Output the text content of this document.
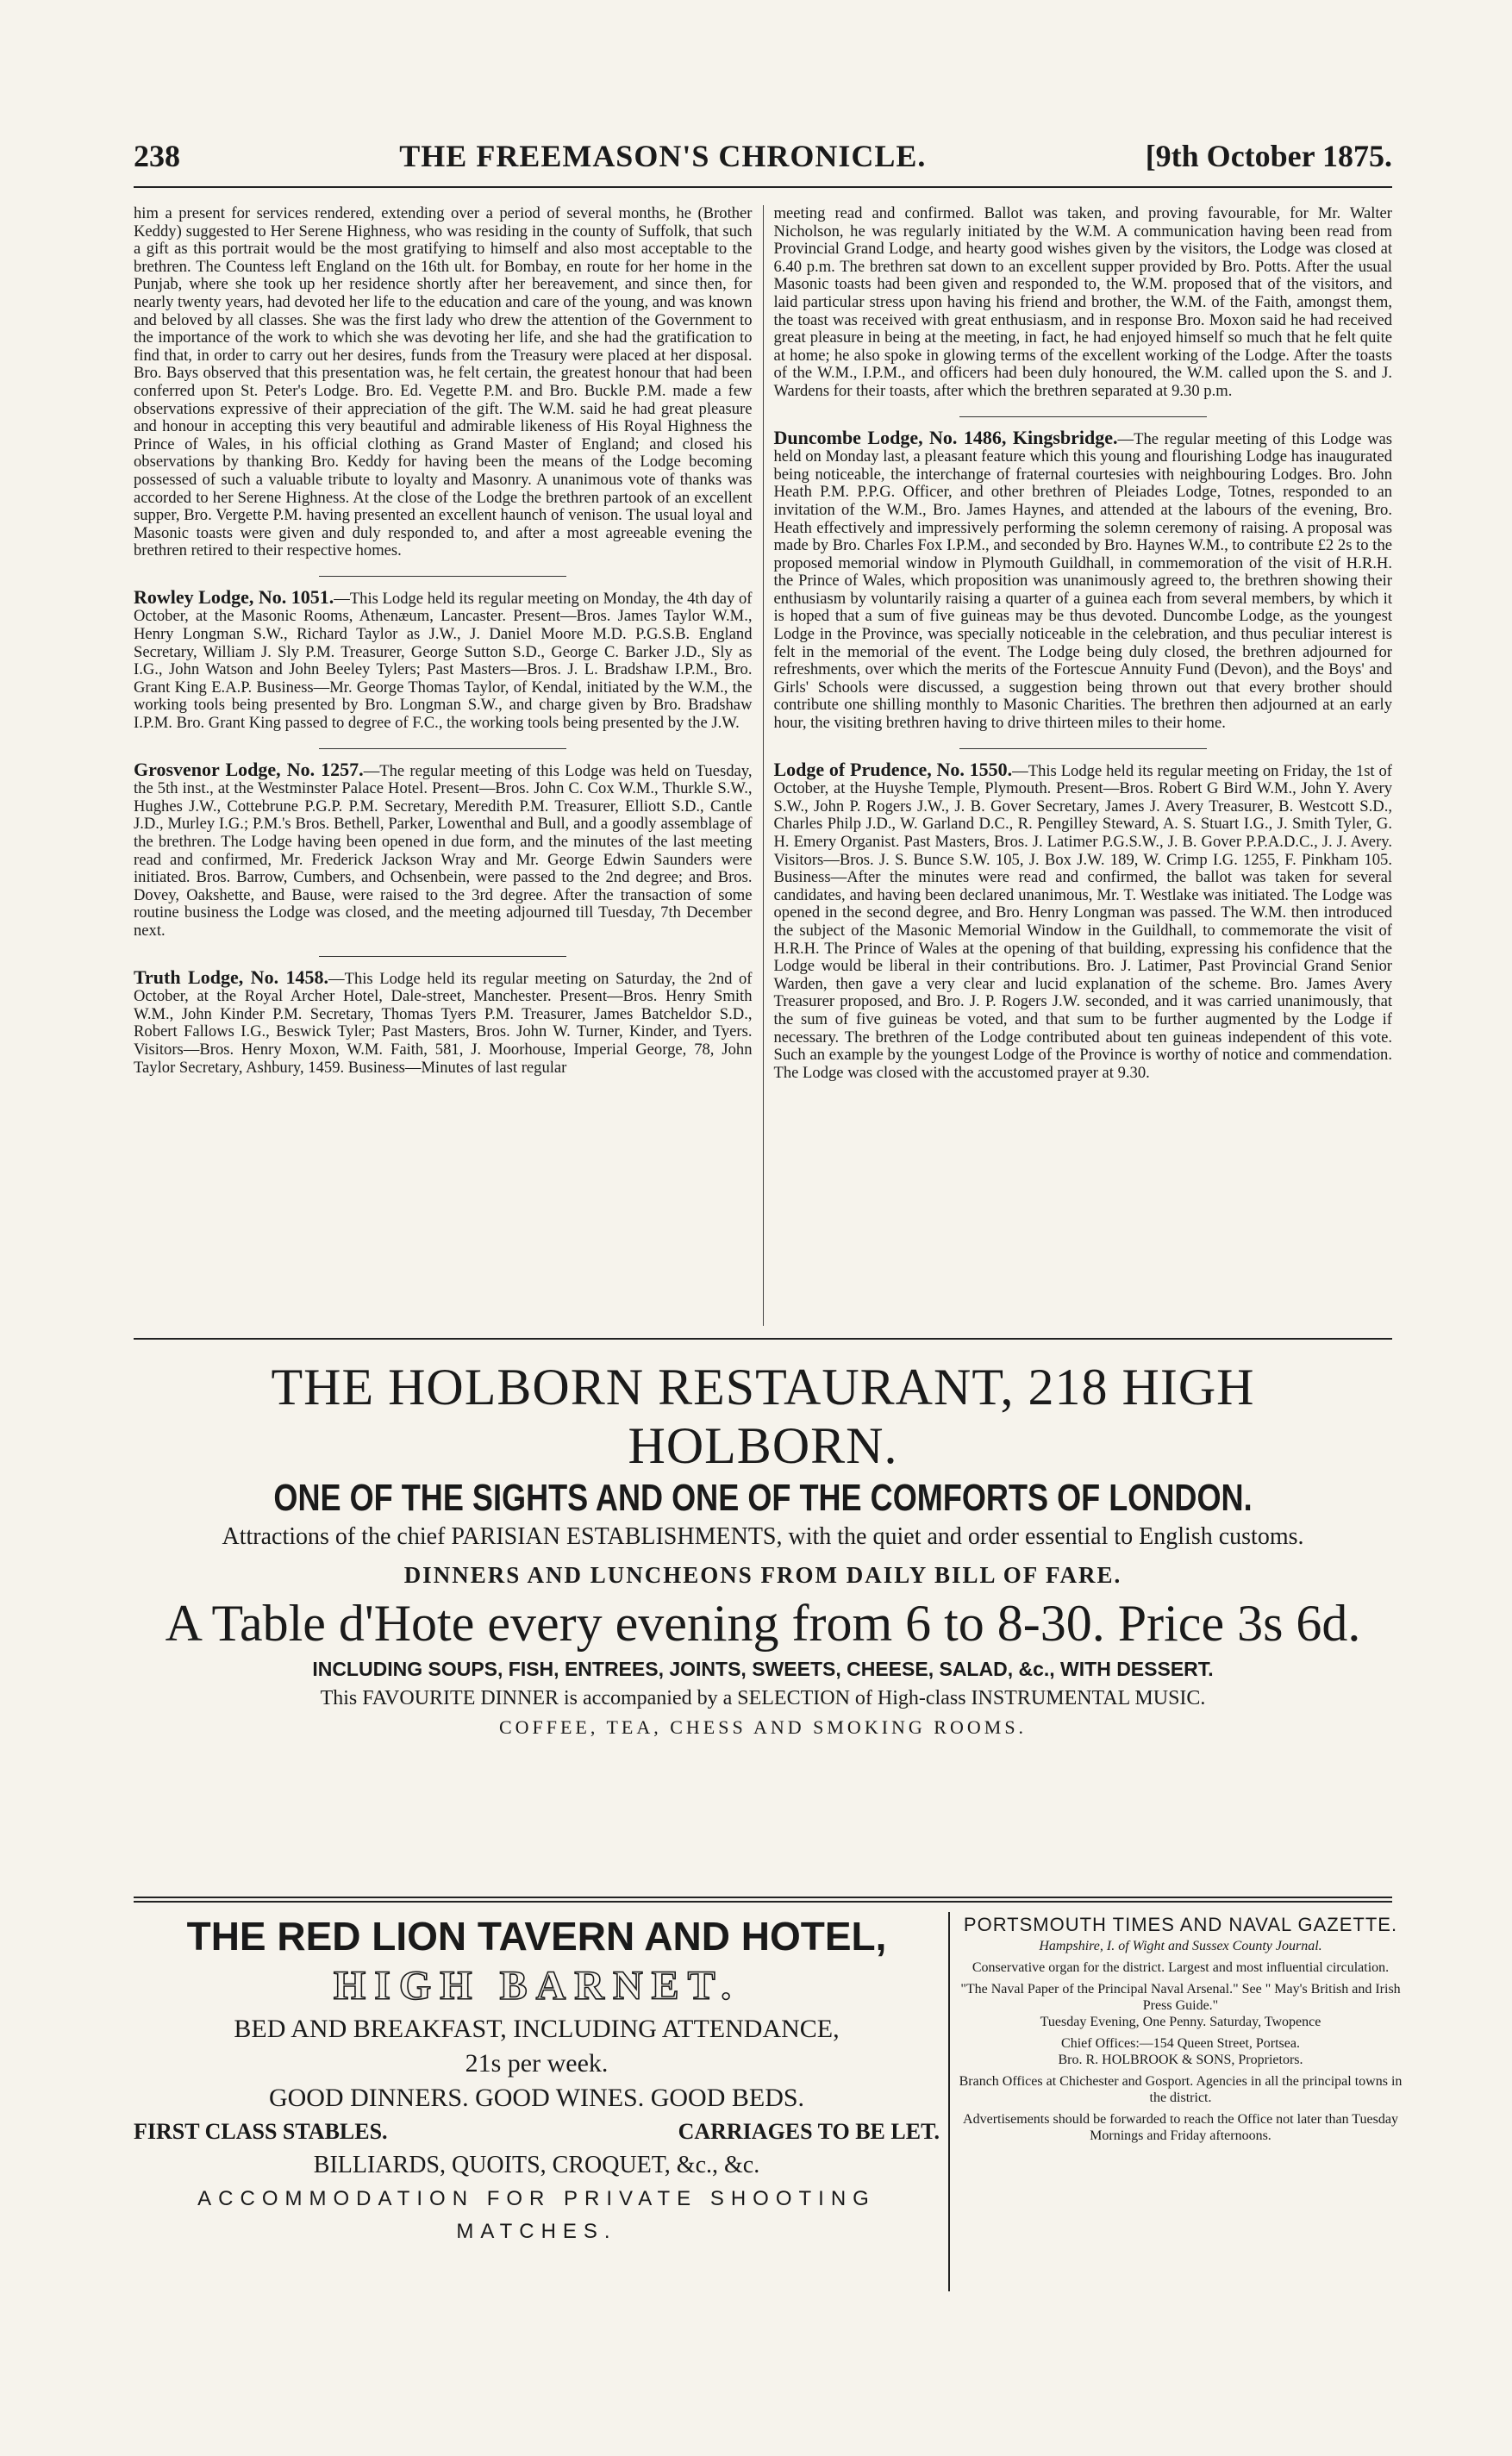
238	THE FREEMASON'S CHRONICLE.	[9th October 1875.

him a present for services rendered, extending over a period of several months, he (Brother Keddy) suggested to Her Serene Highness, who was residing in the county of Suffolk, that such a gift as this portrait would be the most gratifying to himself and also most acceptable to the brethren. The Countess left England on the 16th ult. for Bombay, en route for her home in the Punjab, where she took up her residence shortly after her bereavement, and since then, for nearly twenty years, had devoted her life to the education and care of the young, and was known and beloved by all classes. She was the first lady who drew the attention of the Government to the importance of the work to which she was devoting her life, and she had the gratification to find that, in order to carry out her desires, funds from the Treasury were placed at her disposal. Bro. Bays observed that this presentation was, he felt certain, the greatest honour that had been conferred upon St. Peter's Lodge. Bro. Ed. Vegette P.M. and Bro. Buckle P.M. made a few observations expressive of their appreciation of the gift. The W.M. said he had great pleasure and honour in accepting this very beautiful and admirable likeness of His Royal Highness the Prince of Wales, in his official clothing as Grand Master of England; and closed his observations by thanking Bro. Keddy for having been the means of the Lodge becoming possessed of such a valuable tribute to loyalty and Masonry. A unanimous vote of thanks was accorded to her Serene Highness. At the close of the Lodge the brethren partook of an excellent supper, Bro. Vergette P.M. having presented an excellent haunch of venison. The usual loyal and Masonic toasts were given and duly responded to, and after a most agreeable evening the brethren retired to their respective homes.

Rowley Lodge, No. 1051.—This Lodge held its regular meeting on Monday, the 4th day of October, at the Masonic Rooms, Athenæum, Lancaster. Present—Bros. James Taylor W.M., Henry Longman S.W., Richard Taylor as J.W., J. Daniel Moore M.D. P.G.S.B. England Secretary, William J. Sly P.M. Treasurer, George Sutton S.D., George C. Barker J.D., Sly as I.G., John Watson and John Beeley Tylers; Past Masters—Bros. J. L. Bradshaw I.P.M., Bro. Grant King E.A.P. Business—Mr. George Thomas Taylor, of Kendal, initiated by the W.M., the working tools being presented by Bro. Longman S.W., and charge given by Bro. Bradshaw I.P.M. Bro. Grant King passed to degree of F.C., the working tools being presented by the J.W.

Grosvenor Lodge, No. 1257.—The regular meeting of this Lodge was held on Tuesday, the 5th inst., at the Westminster Palace Hotel. Present—Bros. John C. Cox W.M., Thurkle S.W., Hughes J.W., Cottebrune P.G.P. P.M. Secretary, Meredith P.M. Treasurer, Elliott S.D., Cantle J.D., Murley I.G.; P.M.'s Bros. Bethell, Parker, Lowenthal and Bull, and a goodly assemblage of the brethren. The Lodge having been opened in due form, and the minutes of the last meeting read and confirmed, Mr. Frederick Jackson Wray and Mr. George Edwin Saunders were initiated. Bros. Barrow, Cumbers, and Ochsenbein, were passed to the 2nd degree; and Bros. Dovey, Oakshette, and Bause, were raised to the 3rd degree. After the transaction of some routine business the Lodge was closed, and the meeting adjourned till Tuesday, 7th December next.

Truth Lodge, No. 1458.—This Lodge held its regular meeting on Saturday, the 2nd of October, at the Royal Archer Hotel, Dale-street, Manchester. Present—Bros. Henry Smith W.M., John Kinder P.M. Secretary, Thomas Tyers P.M. Treasurer, James Batcheldor S.D., Robert Fallows I.G., Beswick Tyler; Past Masters, Bros. John W. Turner, Kinder, and Tyers. Visitors—Bros. Henry Moxon, W.M. Faith, 581, J. Moorhouse, Imperial George, 78, John Taylor Secretary, Ashbury, 1459. Business—Minutes of last regular

meeting read and confirmed. Ballot was taken, and proving favourable, for Mr. Walter Nicholson, he was regularly initiated by the W.M. A communication having been read from Provincial Grand Lodge, and hearty good wishes given by the visitors, the Lodge was closed at 6.40 p.m. The brethren sat down to an excellent supper provided by Bro. Potts. After the usual Masonic toasts had been given and responded to, the W.M. proposed that of the visitors, and laid particular stress upon having his friend and brother, the W.M. of the Faith, amongst them, the toast was received with great enthusiasm, and in response Bro. Moxon said he had received great pleasure in being at the meeting, in fact, he had enjoyed himself so much that he felt quite at home; he also spoke in glowing terms of the excellent working of the Lodge. After the toasts of the W.M., I.P.M., and officers had been duly honoured, the W.M. called upon the S. and J. Wardens for their toasts, after which the brethren separated at 9.30 p.m.

Duncombe Lodge, No. 1486, Kingsbridge.—The regular meeting of this Lodge was held on Monday last, a pleasant feature which this young and flourishing Lodge has inaugurated being noticeable, the interchange of fraternal courtesies with neighbouring Lodges. Bro. John Heath P.M. P.P.G. Officer, and other brethren of Pleiades Lodge, Totnes, responded to an invitation of the W.M., Bro. James Haynes, and attended at the labours of the evening, Bro. Heath effectively and impressively performing the solemn ceremony of raising. A proposal was made by Bro. Charles Fox I.P.M., and seconded by Bro. Haynes W.M., to contribute £2 2s to the proposed memorial window in Plymouth Guildhall, in commemoration of the visit of H.R.H. the Prince of Wales, which proposition was unanimously agreed to, the brethren showing their enthusiasm by voluntarily raising a quarter of a guinea each from several members, by which it is hoped that a sum of five guineas may be thus devoted. Duncombe Lodge, as the youngest Lodge in the Province, was specially noticeable in the celebration, and thus peculiar interest is felt in the memorial of the event. The Lodge being duly closed, the brethren adjourned for refreshments, over which the merits of the Fortescue Annuity Fund (Devon), and the Boys' and Girls' Schools were discussed, a suggestion being thrown out that every brother should contribute one shilling monthly to Masonic Charities. The brethren then adjourned at an early hour, the visiting brethren having to drive thirteen miles to their home.

Lodge of Prudence, No. 1550.—This Lodge held its regular meeting on Friday, the 1st of October, at the Huyshe Temple, Plymouth. Present—Bros. Robert G Bird W.M., John Y. Avery S.W., John P. Rogers J.W., J. B. Gover Secretary, James J. Avery Treasurer, B. Westcott S.D., Charles Philp J.D., W. Garland D.C., R. Pengilley Steward, A. S. Stuart I.G., J. Smith Tyler, G. H. Emery Organist. Past Masters, Bros. J. Latimer P.G.S.W., J. B. Gover P.P.A.D.C., J. J. Avery. Visitors—Bros. J. S. Bunce S.W. 105, J. Box J.W. 189, W. Crimp I.G. 1255, F. Pinkham 105. Business—After the minutes were read and confirmed, the ballot was taken for several candidates, and having been declared unanimous, Mr. T. Westlake was initiated. The Lodge was opened in the second degree, and Bro. Henry Longman was passed. The W.M. then introduced the subject of the Masonic Memorial Window in the Guildhall, to commemorate the visit of H.R.H. The Prince of Wales at the opening of that building, expressing his confidence that the Lodge would be liberal in their contributions. Bro. J. Latimer, Past Provincial Grand Senior Warden, then gave a very clear and lucid explanation of the scheme. Bro. James Avery Treasurer proposed, and Bro. J. P. Rogers J.W. seconded, and it was carried unanimously, that the sum of five guineas be voted, and that sum to be further augmented by the Lodge if necessary. The brethren of the Lodge contributed about ten guineas independent of this vote. Such an example by the youngest Lodge of the Province is worthy of notice and commendation. The Lodge was closed with the accustomed prayer at 9.30.

THE HOLBORN RESTAURANT, 218 HIGH HOLBORN.
ONE OF THE SIGHTS AND ONE OF THE COMFORTS OF LONDON.
Attractions of the chief PARISIAN ESTABLISHMENTS, with the quiet and order essential to English customs.
DINNERS AND LUNCHEONS FROM DAILY BILL OF FARE.
A Table d'Hote every evening from 6 to 8-30. Price 3s 6d.
INCLUDING SOUPS, FISH, ENTREES, JOINTS, SWEETS, CHEESE, SALAD, &c., WITH DESSERT.
This FAVOURITE DINNER is accompanied by a SELECTION of High-class INSTRUMENTAL MUSIC.
COFFEE, TEA, CHESS AND SMOKING ROOMS.
THE RED LION TAVERN AND HOTEL,
HIGH BARNET.
BED AND BREAKFAST, INCLUDING ATTENDANCE,
21s per week.
GOOD DINNERS. GOOD WINES. GOOD BEDS.
FIRST CLASS STABLES.	CARRIAGES TO BE LET.
BILLIARDS, QUOITS, CROQUET, &c., &c.
ACCOMMODATION FOR PRIVATE SHOOTING MATCHES.
PORTSMOUTH TIMES AND NAVAL GAZETTE.
Hampshire, I. of Wight and Sussex County Journal.
Conservative organ for the district. Largest and most influential circulation.
"The Naval Paper of the Principal Naval Arsenal." See " May's British and Irish Press Guide."
Tuesday Evening, One Penny. Saturday, Twopence
Chief Offices:—154 Queen Street, Portsea.
Bro. R. HOLBROOK & SONS, Proprietors.
Branch Offices at Chichester and Gosport. Agencies in all the principal towns in the district.
Advertisements should be forwarded to reach the Office not later than Tuesday Mornings and Friday afternoons.
